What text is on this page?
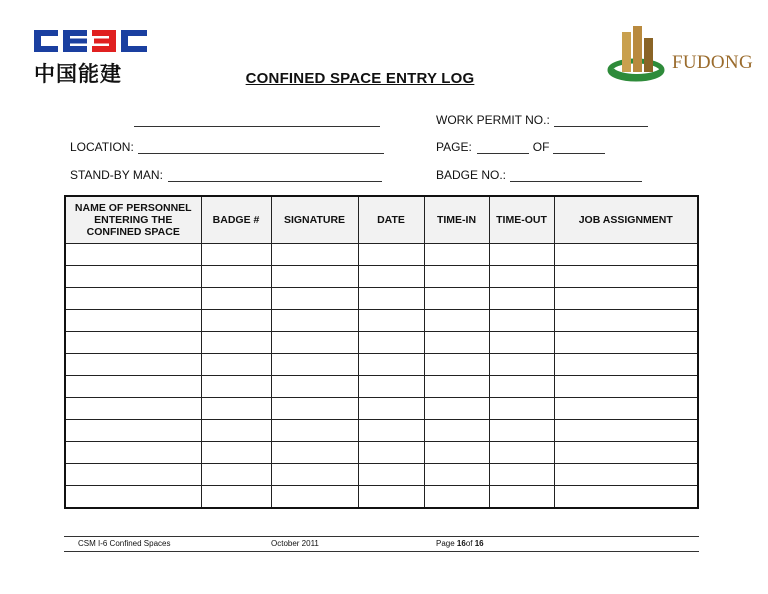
中国能建	FUDONG
CONFINED SPACE ENTRY LOG
WORK PERMIT NO.:
LOCATION:	PAGE:	OF
STAND-BY MAN:	BADGE NO.:
NAME OF PERSONNEL ENTERING THE CONFINED SPACE	BADGE #	SIGNATURE	DATE	TIME-IN	TIME-OUT	JOB ASSIGNMENT

CSM I-6 Confined Spaces	October 2011	Page 16of 16
